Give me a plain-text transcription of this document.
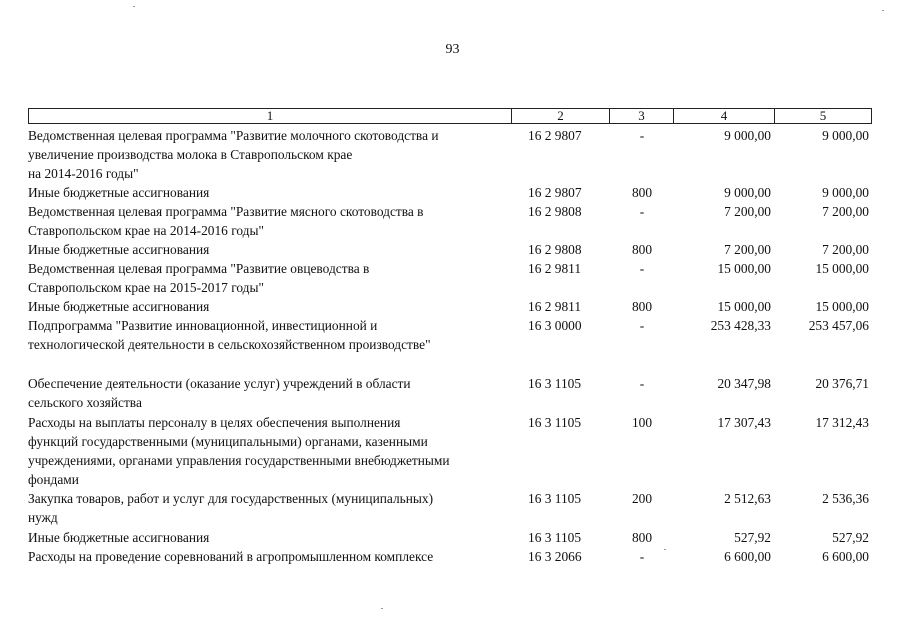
93
1	2	3	4	5
Ведомственная целевая программа "Развитие молочного скотоводства и
увеличение производства молока в Ставропольском крае
на 2014-2016 годы"
16 2 9807	-	9 000,00	9 000,00
Иные бюджетные ассигнования	16 2 9807	800	9 000,00	9 000,00
Ведомственная целевая программа "Развитие мясного скотоводства в
Ставропольском крае на 2014-2016 годы"
16 2 9808	-	7 200,00	7 200,00
Иные бюджетные ассигнования	16 2 9808	800	7 200,00	7 200,00
Ведомственная целевая программа "Развитие овцеводства в
Ставропольском крае на 2015-2017 годы"
16 2 9811	-	15 000,00	15 000,00
Иные бюджетные ассигнования	16 2 9811	800	15 000,00	15 000,00
Подпрограмма "Развитие инновационной, инвестиционной и
технологической деятельности в сельскохозяйственном производстве"
16 3 0000	-	253 428,33	253 457,06
Обеспечение деятельности (оказание услуг) учреждений в области
сельского хозяйства
16 3 1105	-	20 347,98	20 376,71
Расходы на выплаты персоналу в целях обеспечения выполнения
функций государственными (муниципальными) органами, казенными
учреждениями, органами управления государственными внебюджетными
фондами
16 3 1105	100	17 307,43	17 312,43
Закупка товаров, работ и услуг для государственных (муниципальных)
нужд
16 3 1105	200	2 512,63	2 536,36
Иные бюджетные ассигнования	16 3 1105	800	527,92	527,92
Расходы на проведение соревнований в агропромышленном комплексе	16 3 2066	-	6 600,00	6 600,00
